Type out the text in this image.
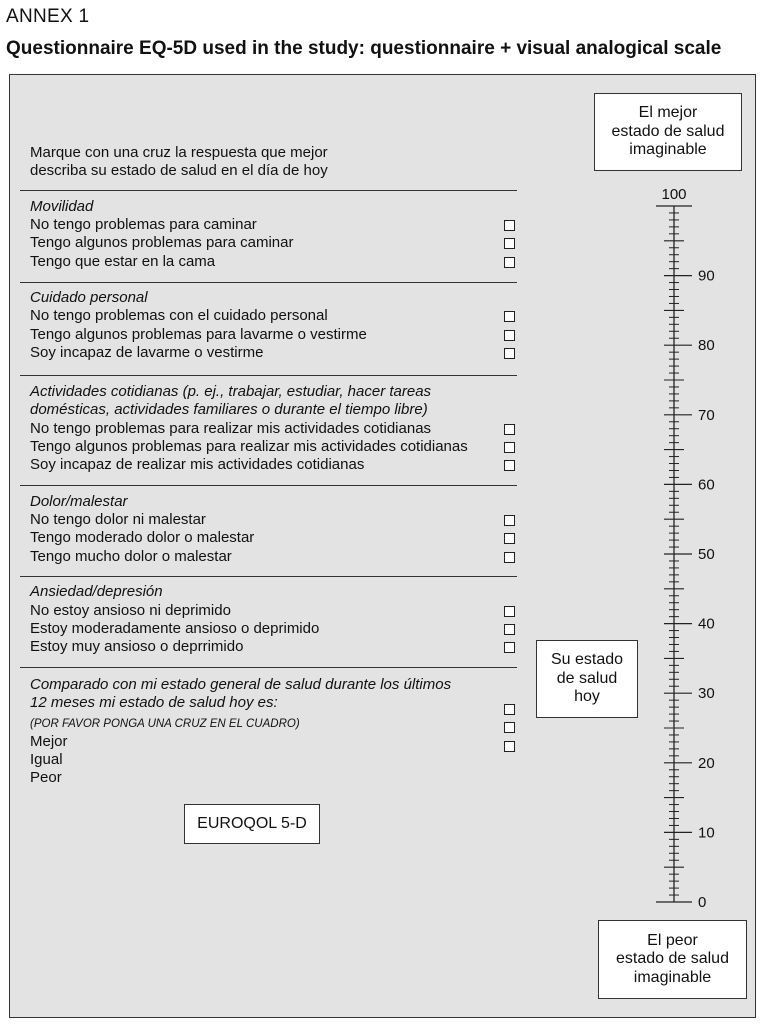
ANNEX 1
Questionnaire EQ-5D used in the study: questionnaire + visual analogical scale
Marque con una cruz la respuesta que mejor
describa su estado de salud en el día de hoy
Movilidad
No tengo problemas para caminar
Tengo algunos problemas para caminar
Tengo que estar en la cama
Cuidado personal
No tengo problemas con el cuidado personal
Tengo algunos problemas para lavarme o vestirme
Soy incapaz de lavarme o vestirme
Actividades cotidianas (p. ej., trabajar, estudiar, hacer tareas
domésticas, actividades familiares o durante el tiempo libre)
No tengo problemas para realizar mis actividades cotidianas
Tengo algunos problemas para realizar mis actividades cotidianas
Soy incapaz de realizar mis actividades cotidianas
Dolor/malestar
No tengo dolor ni malestar
Tengo moderado dolor o malestar
Tengo mucho dolor o malestar
Ansiedad/depresión
No estoy ansioso ni deprimido
Estoy moderadamente ansioso o deprimido
Estoy muy ansioso o deprrimido
Comparado con mi estado general de salud durante los últimos
12 meses mi estado de salud hoy es:
(POR FAVOR PONGA UNA CRUZ EN EL CUADRO)
Mejor
Igual
Peor
EUROQOL 5-D
El mejor
estado de salud
imaginable
Su estado
de salud
hoy
El peor
estado de salud
imaginable
100
90
80
70
60
50
40
30
20
10
0
